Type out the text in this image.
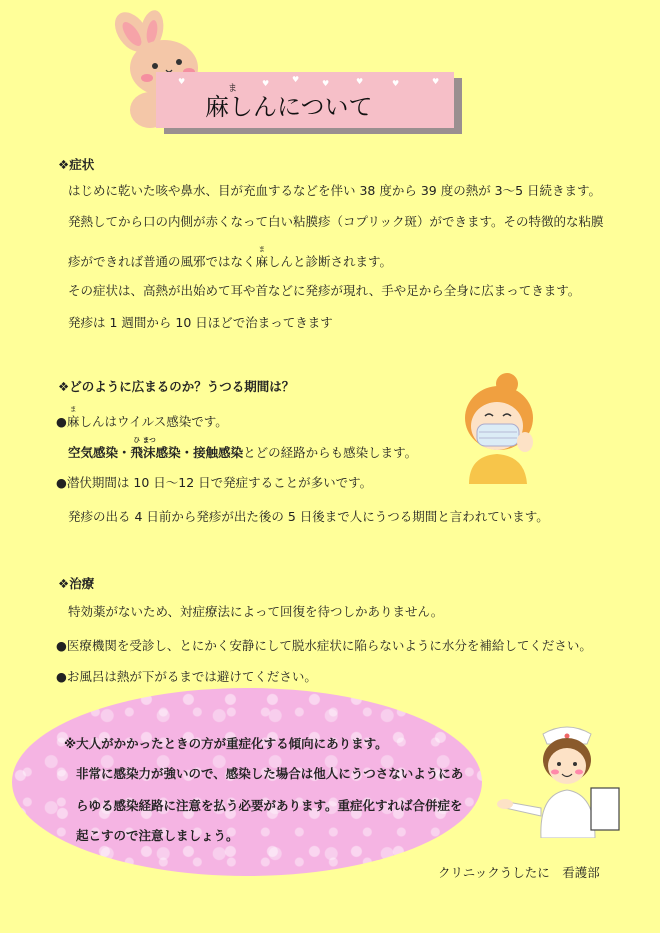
♥	♥	♥	♥	♥	♥	♥
ま
麻しんについて
❖症状
はじめに乾いた咳や鼻水、目が充血するなどを伴い 38 度から 39 度の熱が 3～5 日続きます。
発熱してから口の内側が赤くなって白い粘膜疹（コプリック斑）ができます。その特徴的な粘膜
疹ができれば普通の風邪ではなく
ま
麻しんと診断されます。
その症状は、高熱が出始めて耳や首などに発疹が現れ、手や足から全身に広まってきます。
発疹は 1 週間から 10 日ほどで治まってきます
❖どのように広まるのか？うつる期間は？
●
ま
麻しんはウイルス感染です。
空気感染・
ひ
飛
まつ
沫感染・接触感染とどの経路からも感染します。
●潜伏期間は 10 日～12 日で発症することが多いです。
発疹の出る 4 日前から発疹が出た後の 5 日後まで人にうつる期間と言われています。
❖治療
特効薬がないため、対症療法によって回復を待つしかありません。
●医療機関を受診し、とにかく安静にして脱水症状に陥らないように水分を補給してください。
●お風呂は熱が下がるまでは避けてください。
※大人がかかったときの方が重症化する傾向にあります。
非常に感染力が強いので、感染した場合は他人にうつさないようにあ
らゆる感染経路に注意を払う必要があります。重症化すれば合併症を
起こすので注意しましょう。
クリニックうしたに　看護部
